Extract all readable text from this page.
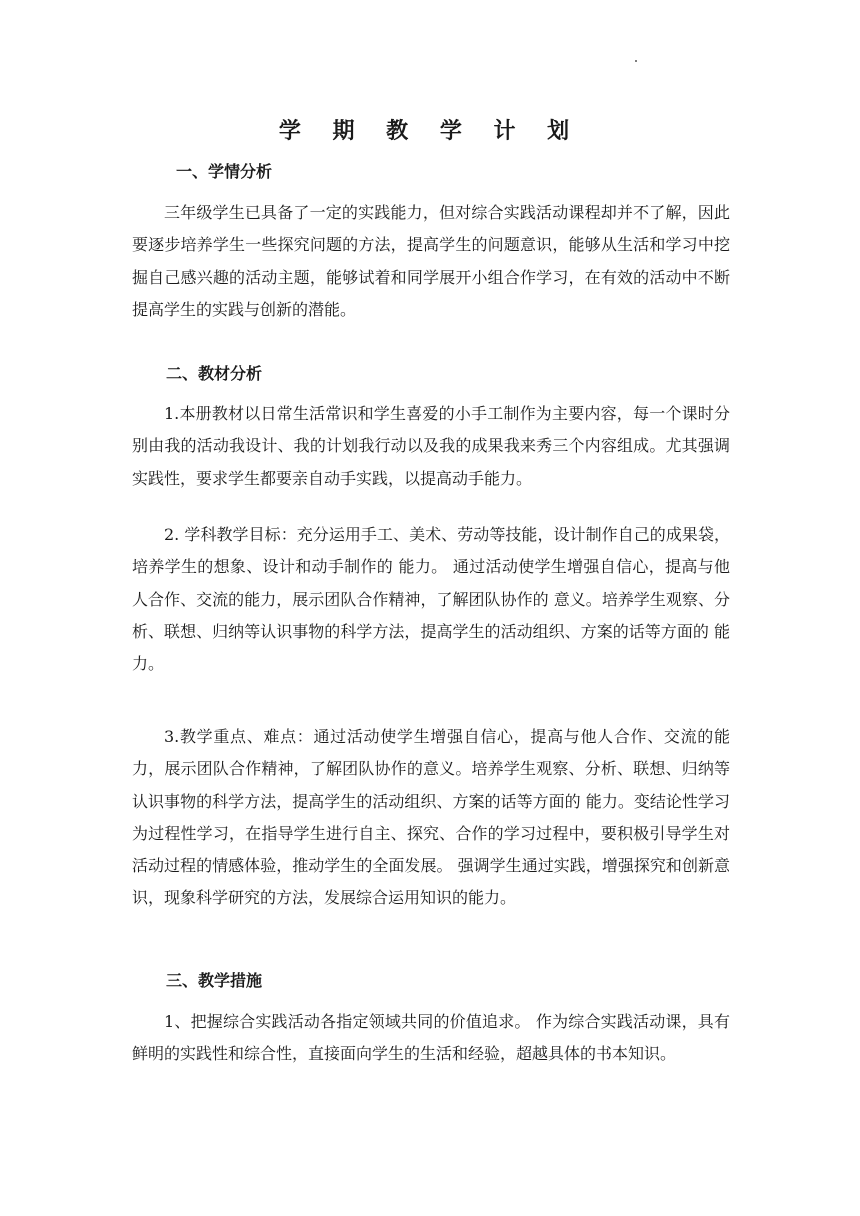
学 期 教 学 计 划
一、学情分析

三年级学生已具备了一定的实践能力，但对综合实践活动课程却并不了解，因此要逐步培养学生一些探究问题的方法，提高学生的问题意识，能够从生活和学习中挖掘自己感兴趣的活动主题，能够试着和同学展开小组合作学习，在有效的活动中不断提高学生的实践与创新的潜能。

二、教材分析

1.本册教材以日常生活常识和学生喜爱的小手工制作为主要内容，每一个课时分别由我的活动我设计、我的计划我行动以及我的成果我来秀三个内容组成。尤其强调实践性，要求学生都要亲自动手实践，以提高动手能力。

2. 学科教学目标：充分运用手工、美术、劳动等技能，设计制作自己的成果袋，培养学生的想象、设计和动手制作的 能力。 通过活动使学生增强自信心，提高与他人合作、交流的能力，展示团队合作精神，了解团队协作的 意义。培养学生观察、分析、联想、归纳等认识事物的科学方法，提高学生的活动组织、方案的话等方面的 能力。

3.教学重点、难点：通过活动使学生增强自信心，提高与他人合作、交流的能力，展示团队合作精神，了解团队协作的意义。培养学生观察、分析、联想、归纳等认识事物的科学方法，提高学生的活动组织、方案的话等方面的 能力。变结论性学习为过程性学习，在指导学生进行自主、探究、合作的学习过程中，要积极引导学生对 活动过程的情感体验，推动学生的全面发展。 强调学生通过实践，增强探究和创新意识，现象科学研究的方法，发展综合运用知识的能力。

三、教学措施

1、把握综合实践活动各指定领域共同的价值追求。 作为综合实践活动课，具有鲜明的实践性和综合性，直接面向学生的生活和经验，超越具体的书本知识。
